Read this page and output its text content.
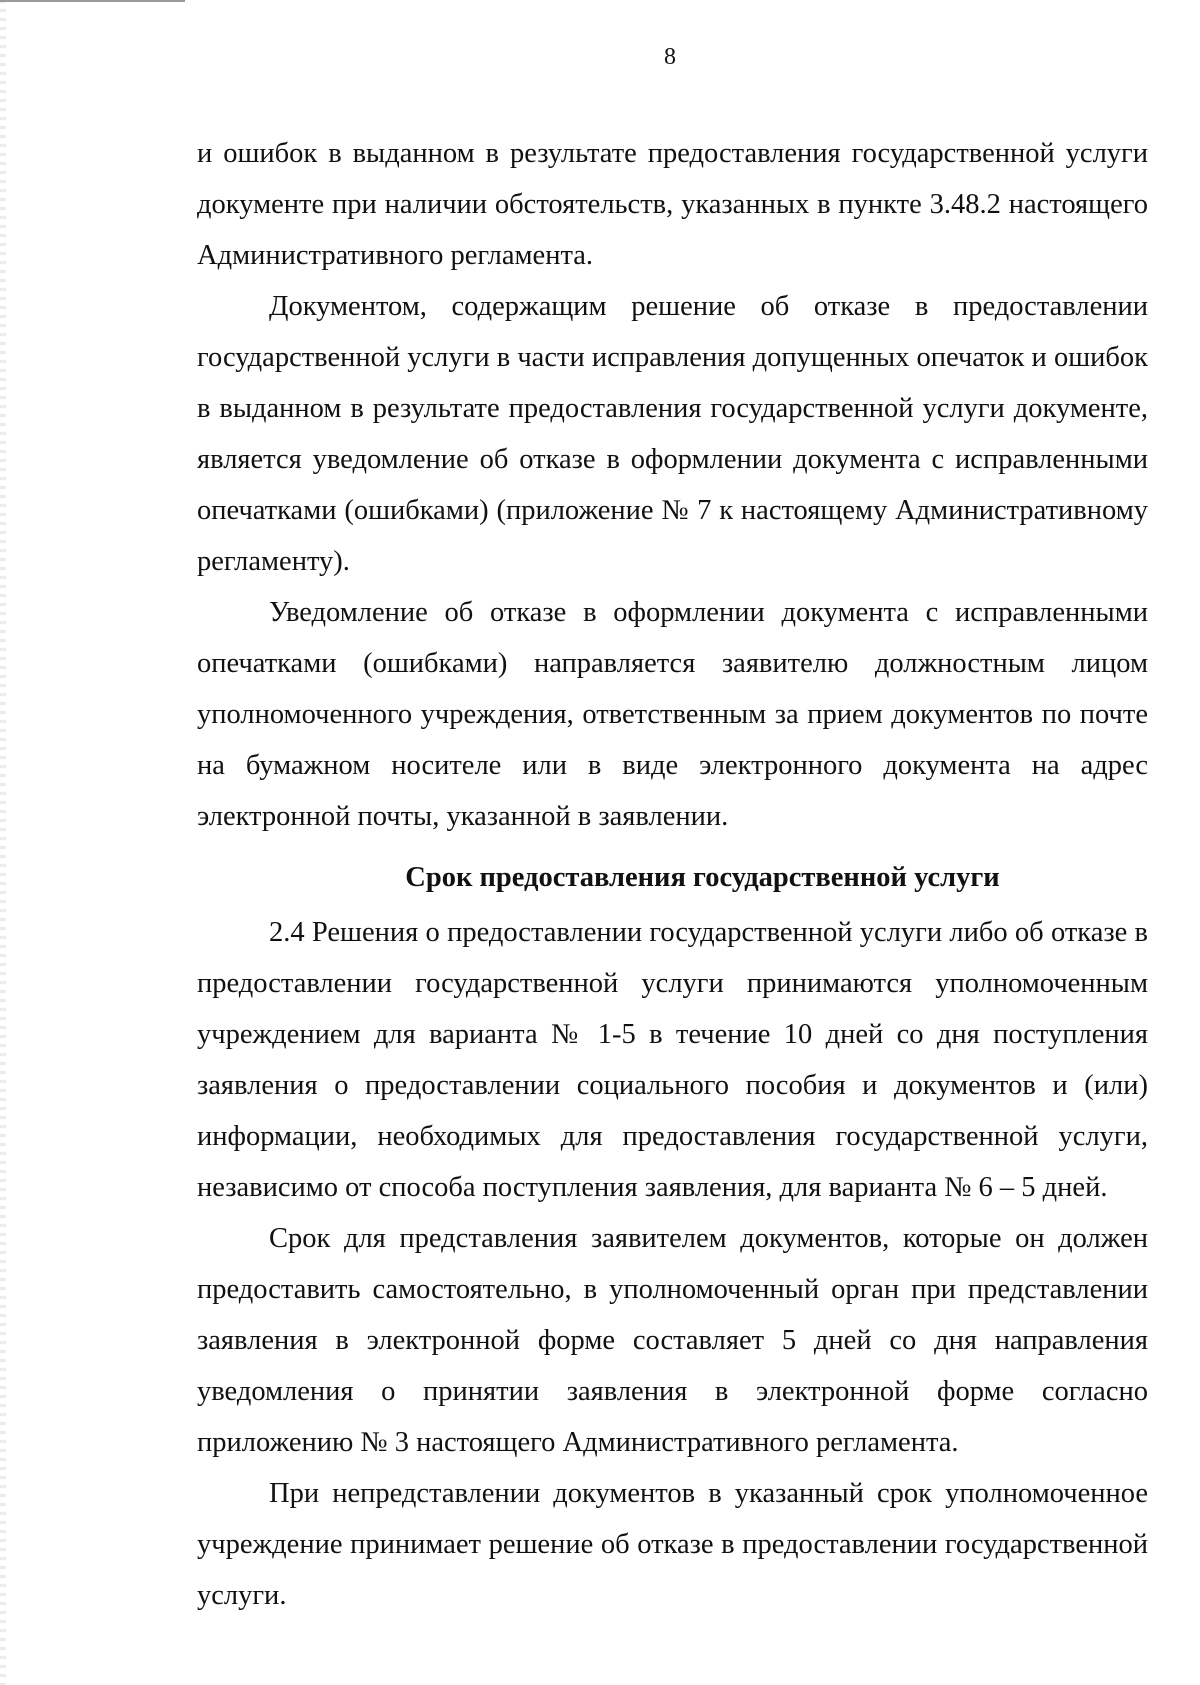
8

и ошибок в выданном в результате предоставления государственной услуги документе при наличии обстоятельств, указанных в пункте 3.48.2 настоящего Административного регламента.

Документом, содержащим решение об отказе в предоставлении государственной услуги в части исправления допущенных опечаток и ошибок в выданном в результате предоставления государственной услуги документе, является уведомление об отказе в оформлении документа с исправленными опечатками (ошибками) (приложение № 7 к настоящему Административному регламенту).

Уведомление об отказе в оформлении документа с исправленными опечатками (ошибками) направляется заявителю должностным лицом уполномоченного учреждения, ответственным за прием документов по почте на бумажном носителе или в виде электронного документа на адрес электронной почты, указанной в заявлении.

Срок предоставления государственной услуги

2.4 Решения о предоставлении государственной услуги либо об отказе в предоставлении государственной услуги принимаются уполномоченным учреждением для варианта № 1-5 в течение 10 дней со дня поступления заявления о предоставлении социального пособия и документов и (или) информации, необходимых для предоставления государственной услуги, независимо от способа поступления заявления, для варианта № 6 – 5 дней.

Срок для представления заявителем документов, которые он должен предоставить самостоятельно, в уполномоченный орган при представлении заявления в электронной форме составляет 5 дней со дня направления уведомления о принятии заявления в электронной форме согласно приложению № 3 настоящего Административного регламента.

При непредставлении документов в указанный срок уполномоченное учреждение принимает решение об отказе в предоставлении государственной услуги.
